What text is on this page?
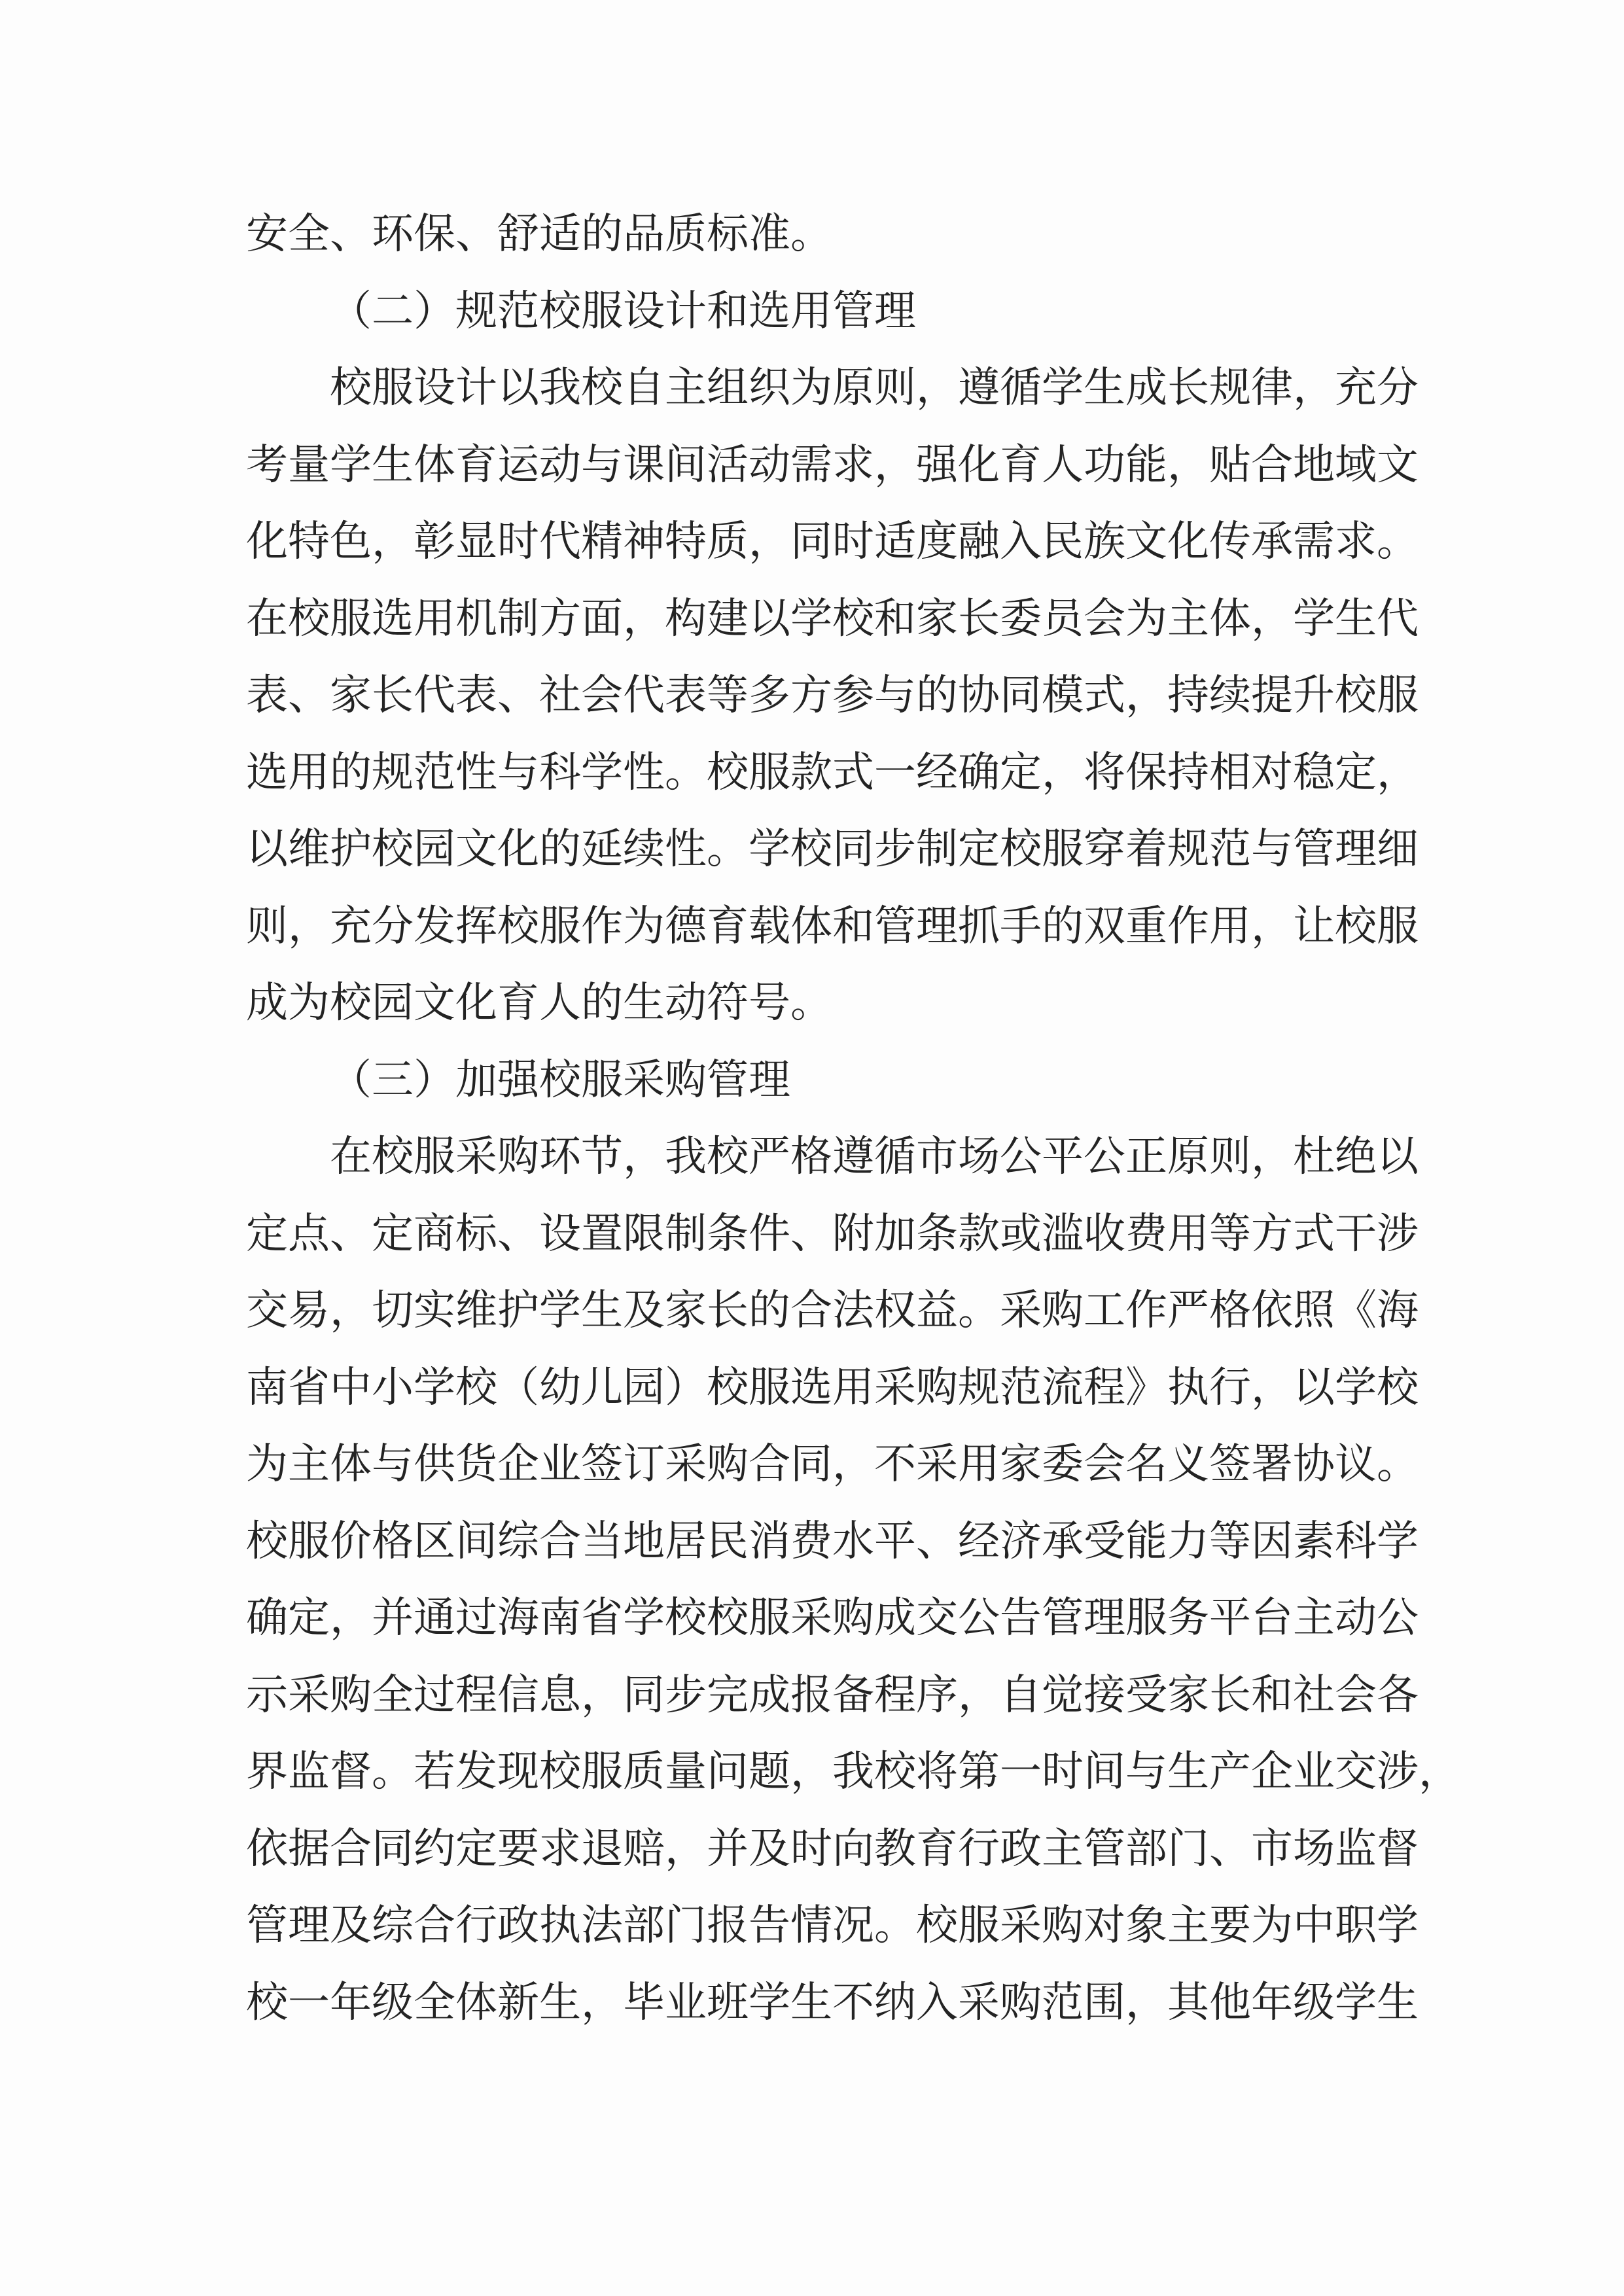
安全、环保、舒适的品质标准。
（二）规范校服设计和选用管理
校服设计以我校自主组织为原则，遵循学生成长规律，充分
考量学生体育运动与课间活动需求，强化育人功能，贴合地域文
化特色，彰显时代精神特质，同时适度融入民族文化传承需求。
在校服选用机制方面，构建以学校和家长委员会为主体，学生代
表、家长代表、社会代表等多方参与的协同模式，持续提升校服
选用的规范性与科学性。校服款式一经确定，将保持相对稳定，
以维护校园文化的延续性。学校同步制定校服穿着规范与管理细
则，充分发挥校服作为德育载体和管理抓手的双重作用，让校服
成为校园文化育人的生动符号。
（三）加强校服采购管理
在校服采购环节，我校严格遵循市场公平公正原则，杜绝以
定点、定商标、设置限制条件、附加条款或滥收费用等方式干涉
交易，切实维护学生及家长的合法权益。采购工作严格依照《海
南省中小学校（幼儿园）校服选用采购规范流程》执行，以学校
为主体与供货企业签订采购合同，不采用家委会名义签署协议。
校服价格区间综合当地居民消费水平、经济承受能力等因素科学
确定，并通过海南省学校校服采购成交公告管理服务平台主动公
示采购全过程信息，同步完成报备程序，自觉接受家长和社会各
界监督。若发现校服质量问题，我校将第一时间与生产企业交涉，
依据合同约定要求退赔，并及时向教育行政主管部门、市场监督
管理及综合行政执法部门报告情况。校服采购对象主要为中职学
校一年级全体新生，毕业班学生不纳入采购范围，其他年级学生
